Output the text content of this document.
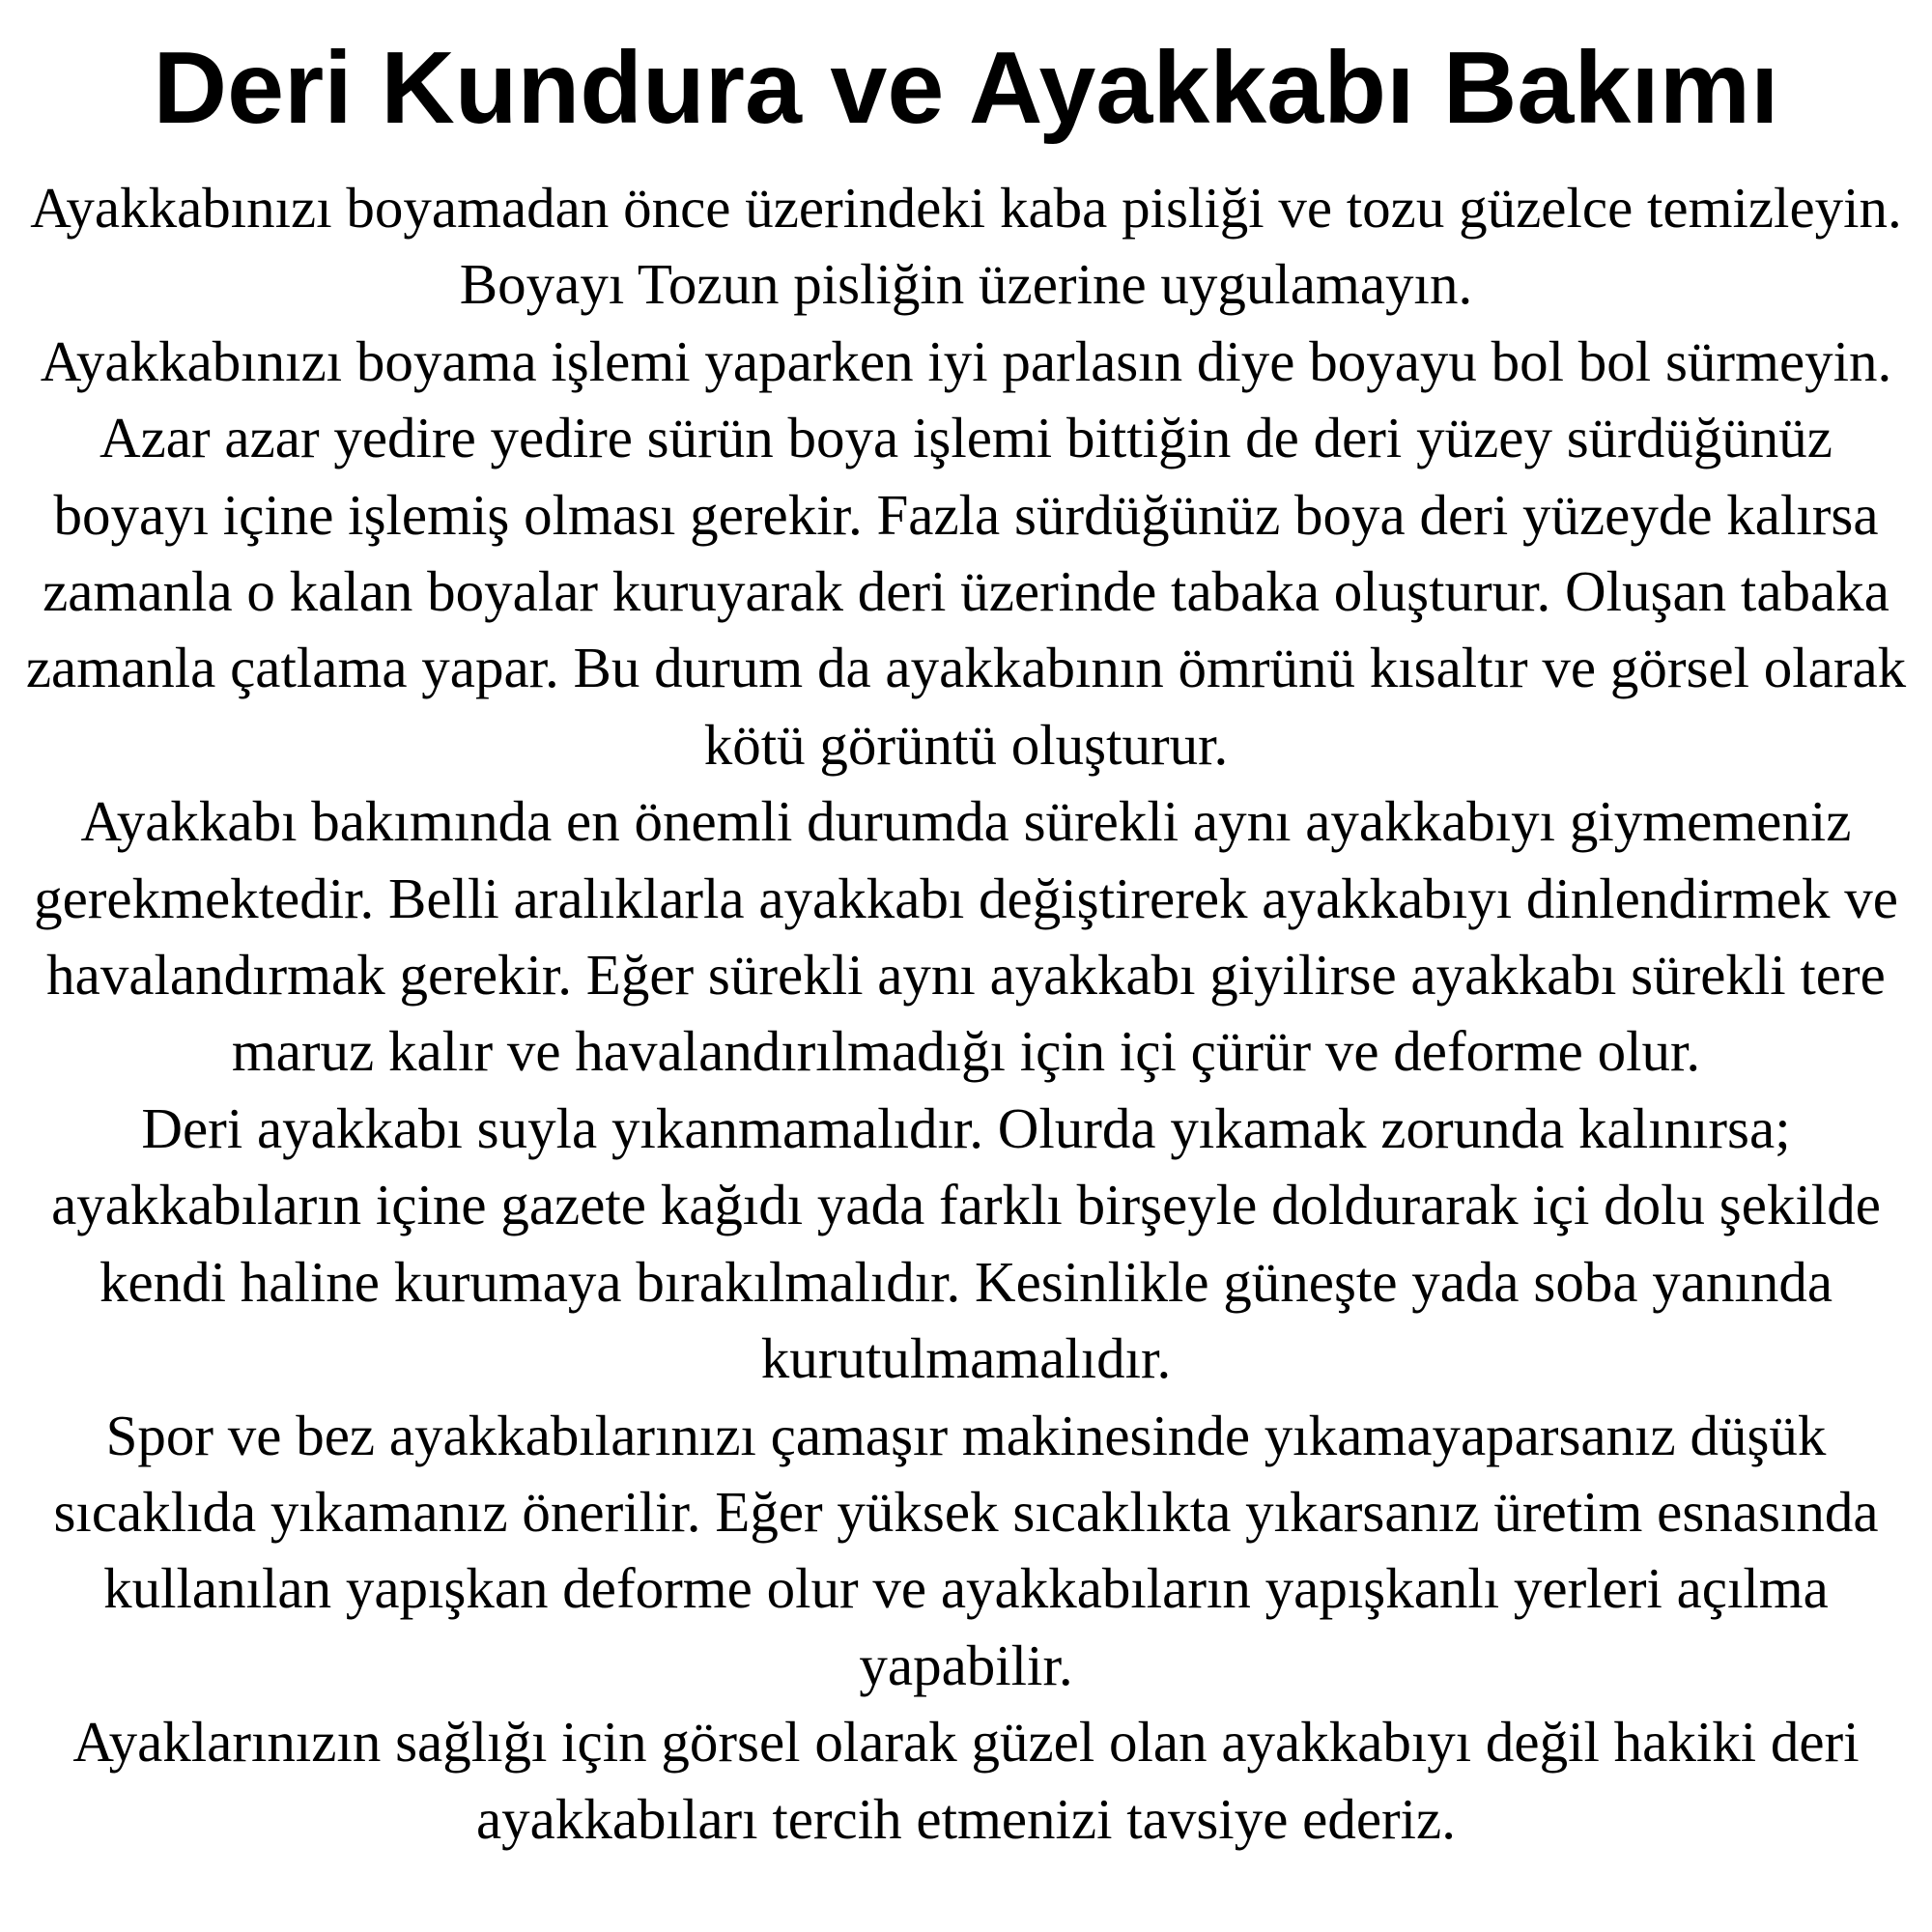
Deri Kundura ve Ayakkabı Bakımı

Ayakkabınızı boyamadan önce üzerindeki kaba pisliği ve tozu güzelce temizleyin. Boyayı Tozun pisliğin üzerine uygulamayın.

Ayakkabınızı boyama işlemi yaparken iyi parlasın diye boyayu bol bol sürmeyin. Azar azar yedire yedire sürün boya işlemi bittiğin de deri yüzey sürdüğünüz boyayı içine işlemiş olması gerekir. Fazla sürdüğünüz boya deri yüzeyde kalırsa zamanla o kalan boyalar kuruyarak deri üzerinde tabaka oluşturur. Oluşan tabaka zamanla çatlama yapar. Bu durum da ayakkabının ömrünü kısaltır ve görsel olarak kötü görüntü oluşturur.

Ayakkabı bakımında en önemli durumda sürekli aynı ayakkabıyı giymemeniz gerekmektedir. Belli aralıklarla ayakkabı değiştirerek ayakkabıyı dinlendirmek ve havalandırmak gerekir. Eğer sürekli aynı ayakkabı giyilirse ayakkabı sürekli tere maruz kalır ve havalandırılmadığı için içi çürür ve deforme olur.

Deri ayakkabı suyla yıkanmamalıdır. Olurda yıkamak zorunda kalınırsa; ayakkabıların içine gazete kağıdı yada farklı birşeyle doldurarak içi dolu şekilde kendi haline kurumaya bırakılmalıdır. Kesinlikle güneşte yada soba yanında kurutulmamalıdır.

Spor ve bez ayakkabılarınızı çamaşır makinesinde yıkamayaparsanız düşük sıcaklıda yıkamanız önerilir. Eğer yüksek sıcaklıkta yıkarsanız üretim esnasında kullanılan yapışkan deforme olur ve ayakkabıların yapışkanlı yerleri açılma yapabilir.

Ayaklarınızın sağlığı için görsel olarak güzel olan ayakkabıyı değil hakiki deri ayakkabıları tercih etmenizi tavsiye ederiz.
